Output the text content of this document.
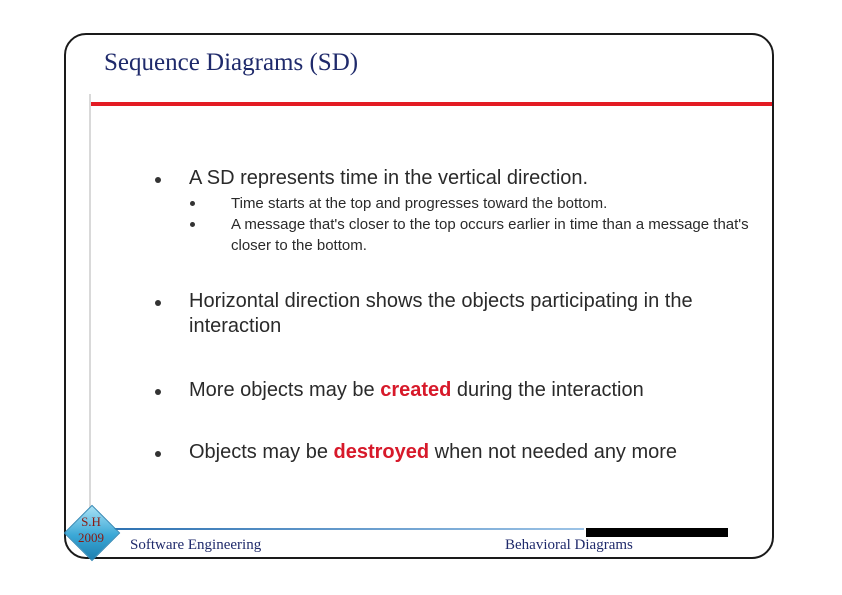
Sequence Diagrams (SD)
A SD represents time in the vertical direction.
Time starts at the top and progresses toward the bottom.
A message that's closer to the top occurs earlier in time than a message that's closer to the bottom.
Horizontal direction shows the objects participating in the interaction
More objects may be created during the interaction
Objects may be destroyed when not needed any more
S.H
2009	Software Engineering	Behavioral Diagrams
